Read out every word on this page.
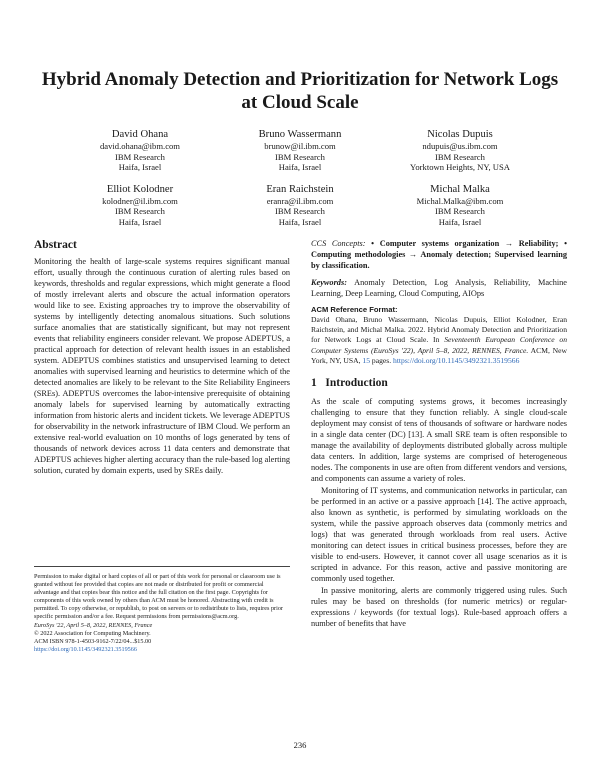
Hybrid Anomaly Detection and Prioritization for Network Logs at Cloud Scale
David Ohana
david.ohana@ibm.com
IBM Research
Haifa, Israel
Bruno Wassermann
brunow@il.ibm.com
IBM Research
Haifa, Israel
Nicolas Dupuis
ndupuis@us.ibm.com
IBM Research
Yorktown Heights, NY, USA
Elliot Kolodner
kolodner@il.ibm.com
IBM Research
Haifa, Israel
Eran Raichstein
eranra@il.ibm.com
IBM Research
Haifa, Israel
Michal Malka
Michal.Malka@ibm.com
IBM Research
Haifa, Israel
Abstract

Monitoring the health of large-scale systems requires significant manual effort, usually through the continuous curation of alerting rules based on keywords, thresholds and regular expressions, which might generate a flood of mostly irrelevant alerts and obscure the actual information operators would like to see. Existing approaches try to improve the observability of systems by intelligently detecting anomalous situations. Such solutions surface anomalies that are statistically significant, but may not represent events that reliability engineers consider relevant. We propose ADEPTUS, a practical approach for detection of relevant health issues in an established system. ADEPTUS combines statistics and unsupervised learning to detect anomalies with supervised learning and heuristics to determine which of the detected anomalies are likely to be relevant to the Site Reliability Engineers (SREs). ADEPTUS overcomes the labor-intensive prerequisite of obtaining anomaly labels for supervised learning by automatically extracting information from historic alerts and incident tickets. We leverage ADEPTUS for observability in the network infrastructure of IBM Cloud. We perform an extensive real-world evaluation on 10 months of logs generated by tens of thousands of network devices across 11 data centers and demonstrate that ADEPTUS achieves higher alerting accuracy than the rule-based log alerting solution, curated by domain experts, used by SREs daily.

Permission to make digital or hard copies of all or part of this work for personal or classroom use is granted without fee provided that copies are not made or distributed for profit or commercial advantage and that copies bear this notice and the full citation on the first page. Copyrights for components of this work owned by others than ACM must be honored. Abstracting with credit is permitted. To copy otherwise, or republish, to post on servers or to redistribute to lists, requires prior specific permission and/or a fee. Request permissions from permissions@acm.org.

EuroSys '22, April 5–8, 2022, RENNES, France

© 2022 Association for Computing Machinery.

ACM ISBN 978-1-4503-9162-7/22/04...$15.00

https://doi.org/10.1145/3492321.3519566

CCS Concepts: • Computer systems organization → Reliability; • Computing methodologies → Anomaly detection; Supervised learning by classification.

Keywords: Anomaly Detection, Log Analysis, Reliability, Machine Learning, Deep Learning, Cloud Computing, AIOps

ACM Reference Format:

David Ohana, Bruno Wassermann, Nicolas Dupuis, Elliot Kolodner, Eran Raichstein, and Michal Malka. 2022. Hybrid Anomaly Detection and Prioritization for Network Logs at Cloud Scale. In Seventeenth European Conference on Computer Systems (EuroSys '22), April 5–8, 2022, RENNES, France. ACM, New York, NY, USA, 15 pages. https://doi.org/10.1145/3492321.3519566

1   Introduction

As the scale of computing systems grows, it becomes increasingly challenging to ensure that they function reliably. A single cloud-scale deployment may consist of tens of thousands of software or hardware nodes in a single data center (DC) [13]. A small SRE team is often responsible to manage the availability of deployments distributed globally across multiple data centers. In addition, large systems are comprised of heterogeneous nodes. The components in use are often from different vendors and versions, and components can assume a variety of roles.

Monitoring of IT systems, and communication networks in particular, can be performed in an active or a passive approach [14]. The active approach, also known as synthetic, is performed by simulating workloads on the system, while the passive approach observes data (commonly metrics and logs) that was generated through workloads from real users. Active monitoring can detect issues in critical business processes, before they are visible to end-users. However, it cannot cover all usage scenarios as it is scripted in advance. For this reason, active and passive monitoring are commonly used together.

In passive monitoring, alerts are commonly triggered using rules. Such rules may be based on thresholds (for numeric metrics) or regular-expressions / keywords (for textual logs). Rule-based approach offers a number of benefits that have

236
